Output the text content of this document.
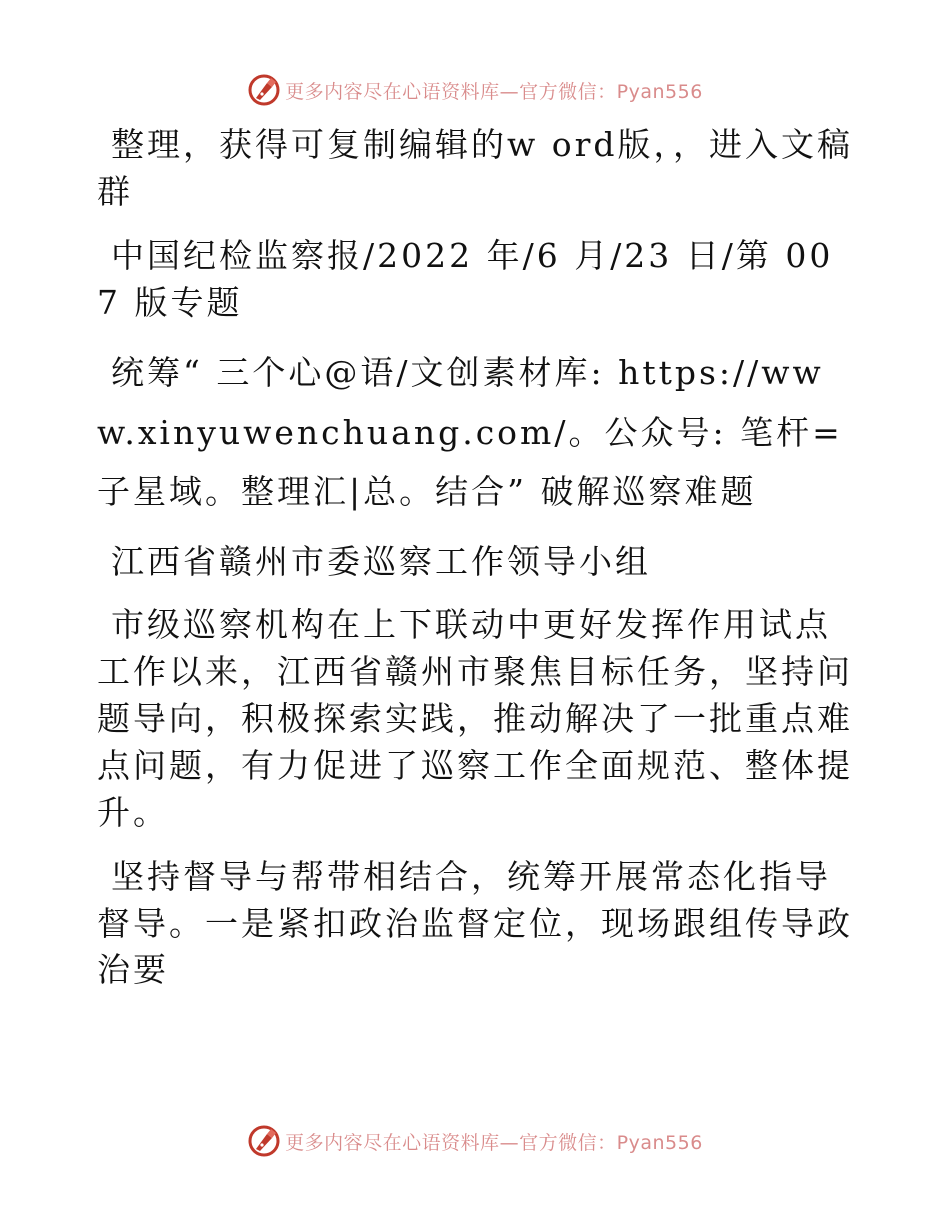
更多内容尽在心语资料库—官方微信：Pyan556

整理，获得可复制编辑的w ord版，，进入文稿群

中国纪检监察报/2022 年/6 月/23 日/第 007 版专题

统筹“ 三个心@语/文创素材库: https://www.xinyuwenchuang.com/。公众号: 笔杆=子星域。整理汇|总。结合” 破解巡察难题

江西省赣州市委巡察工作领导小组

市级巡察机构在上下联动中更好发挥作用试点工作以来，江西省赣州市聚焦目标任务，坚持问题导向，积极探索实践，推动解决了一批重点难点问题，有力促进了巡察工作全面规范、整体提升。

坚持督导与帮带相结合，统筹开展常态化指导督导。一是紧扣政治监督定位，现场跟组传导政治要

更多内容尽在心语资料库—官方微信：Pyan556
